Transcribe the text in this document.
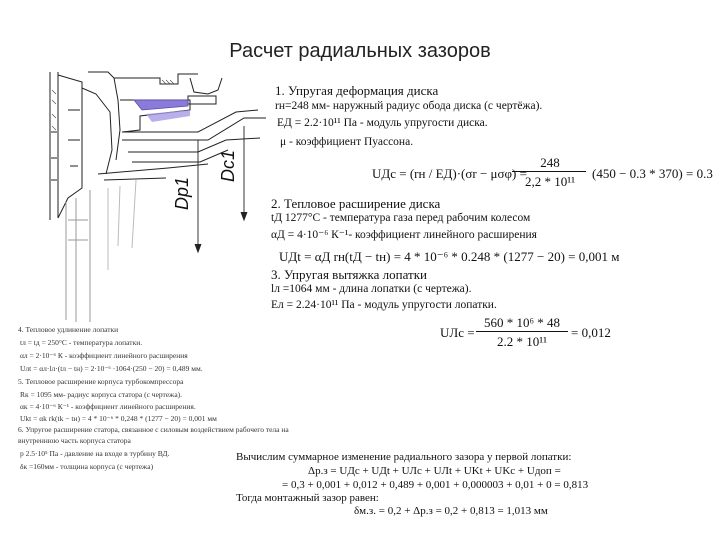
Расчет радиальных зазоров
Dp1
Dc1
1. Упругая деформация диска
rн=248 мм- наружный радиус обода диска (с чертёжа).
EД = 2.2·10¹¹ Па - модуль упругости диска.
μ - коэффициент Пуассона.
UДc = (rн / EД)·(σr − μσφ) =
248
2,2 * 10¹¹
(450 − 0.3 * 370) = 0.3
2. Тепловое расширение диска
tД 1277°С - температура газа перед рабочим колесом
αД = 4·10⁻⁶ К⁻¹- коэффициент линейного расширения
UДt = αД rн(tД − tн) = 4 * 10⁻⁶ * 0.248 * (1277 − 20) = 0,001 м
3. Упругая вытяжка лопатки
lл =1064 мм - длина лопатки (с чертежа).
Eл = 2.24·10¹¹ Па - модуль упругости лопатки.
UЛc =
560 * 10⁶ * 48
2.2 * 10¹¹
= 0,012
4. Тепловое удлинение лопатки
tл = tд = 250°С - температура лопатки.
αл = 2·10⁻⁶ К - коэффициент линейного расширения
Uлt = αл·lл·(tл − tн) = 2·10⁻⁶ ·1064·(250 − 20) = 0,489 мм.
5. Тепловое расширение корпуса турбокомпрессора
Rк = 1095 мм- радиус корпуса статора (с чертежа).
αк = 4·10⁻⁶ К⁻¹ - коэффициент линейного расширения.
Ukt = αk rk(tk − tн) = 4 * 10⁻⁶ * 0,248 * (1277 − 20) = 0,001 мм
6. Упругое расширение статора, связанное с силовым воздействием рабочего тела на
внутреннюю часть корпуса статора
p 2.5·10⁵ Па - давление на входе в турбину ВД.
δк =160мм - толщина корпуса (с чертежа)
Вычислим суммарное изменение радиального зазора у первой лопатки:
Δр.з = UДc + UДt + UЛc + UЛt + UKt + UKc + Uдоп =
= 0,3 + 0,001 + 0,012 + 0,489 + 0,001 + 0,000003 + 0,01 + 0 = 0,813
Тогда монтажный зазор равен:
δм.з. = 0,2 + Δр.з = 0,2 + 0,813 = 1,013 мм
